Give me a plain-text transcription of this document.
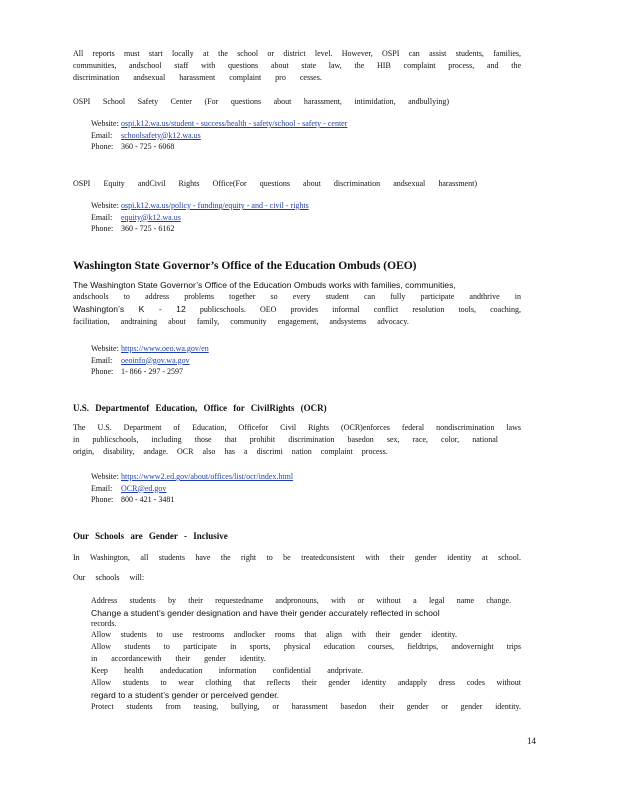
All reports must start locally at the school or district level. However, OSPI can assist students, families,

communities, andschool staff with questions about state law, the HIB complaint process, and the

discrimination andsexual harassment complaint pro cesses.

OSPI School Safety Center (For questions about harassment, intimidation, andbullying)

Website: ospi.k12.wa.us/student - success/health - safety/school - safety - center
Email: schoolsafety@k12.wa.us
Phone: 360 - 725 - 6068

OSPI Equity andCivil Rights Office(For questions about discrimination andsexual harassment)

Website: ospi.k12.wa.us/policy - funding/equity - and - civil - rights
Email: equity@k12.wa.us
Phone: 360 - 725 - 6162
Washington State Governor’s Office of the Education Ombuds (OEO)

The Washington State Governor’s Office of the Education Ombuds works with families, communities,

andschools to address problems together so every student can fully participate andthrive in

Washington’s K - 12 publicschools. OEO provides informal conflict resolution tools, coaching,

facilitation, andtraining about family, community engagement, andsystems advocacy.

Website: https://www.oeo.wa.gov/en
Email: oeoinfo@gov.wa.gov
Phone: 1- 866 - 297 - 2597
U.S. Departmentof Education, Office for CivilRights (OCR)

The U.S. Department of Education, Officefor Civil Rights (OCR)enforces federal nondiscrimination laws

in publicschools, including those that prohibit discrimination basedon sex, race, color, national

origin, disability, andage. OCR also has a discrimi nation complaint process.

Website: https://www2.ed.gov/about/offices/list/ocr/index.html
Email: OCR@ed.gov
Phone: 800 - 421 - 3481
Our Schools are Gender - Inclusive

In Washington, all students have the right to be treatedconsistent with their gender identity at school.

Our schools will:

Address students by their requestedname andpronouns, with or without a legal name change.

Change a student’s gender designation and have their gender accurately reflected in school

records.

Allow students to use restrooms andlocker rooms that align with their gender identity.

Allow students to participate in sports, physical education courses, fieldtrips, andovernight trips

in accordancewith their gender identity.

Keep health andeducation information confidential andprivate.

Allow students to wear clothing that reflects their gender identity andapply dress codes without

regard to a student’s gender or perceived gender.

Protect students from teasing, bullying, or harassment basedon their gender or gender identity.

14
